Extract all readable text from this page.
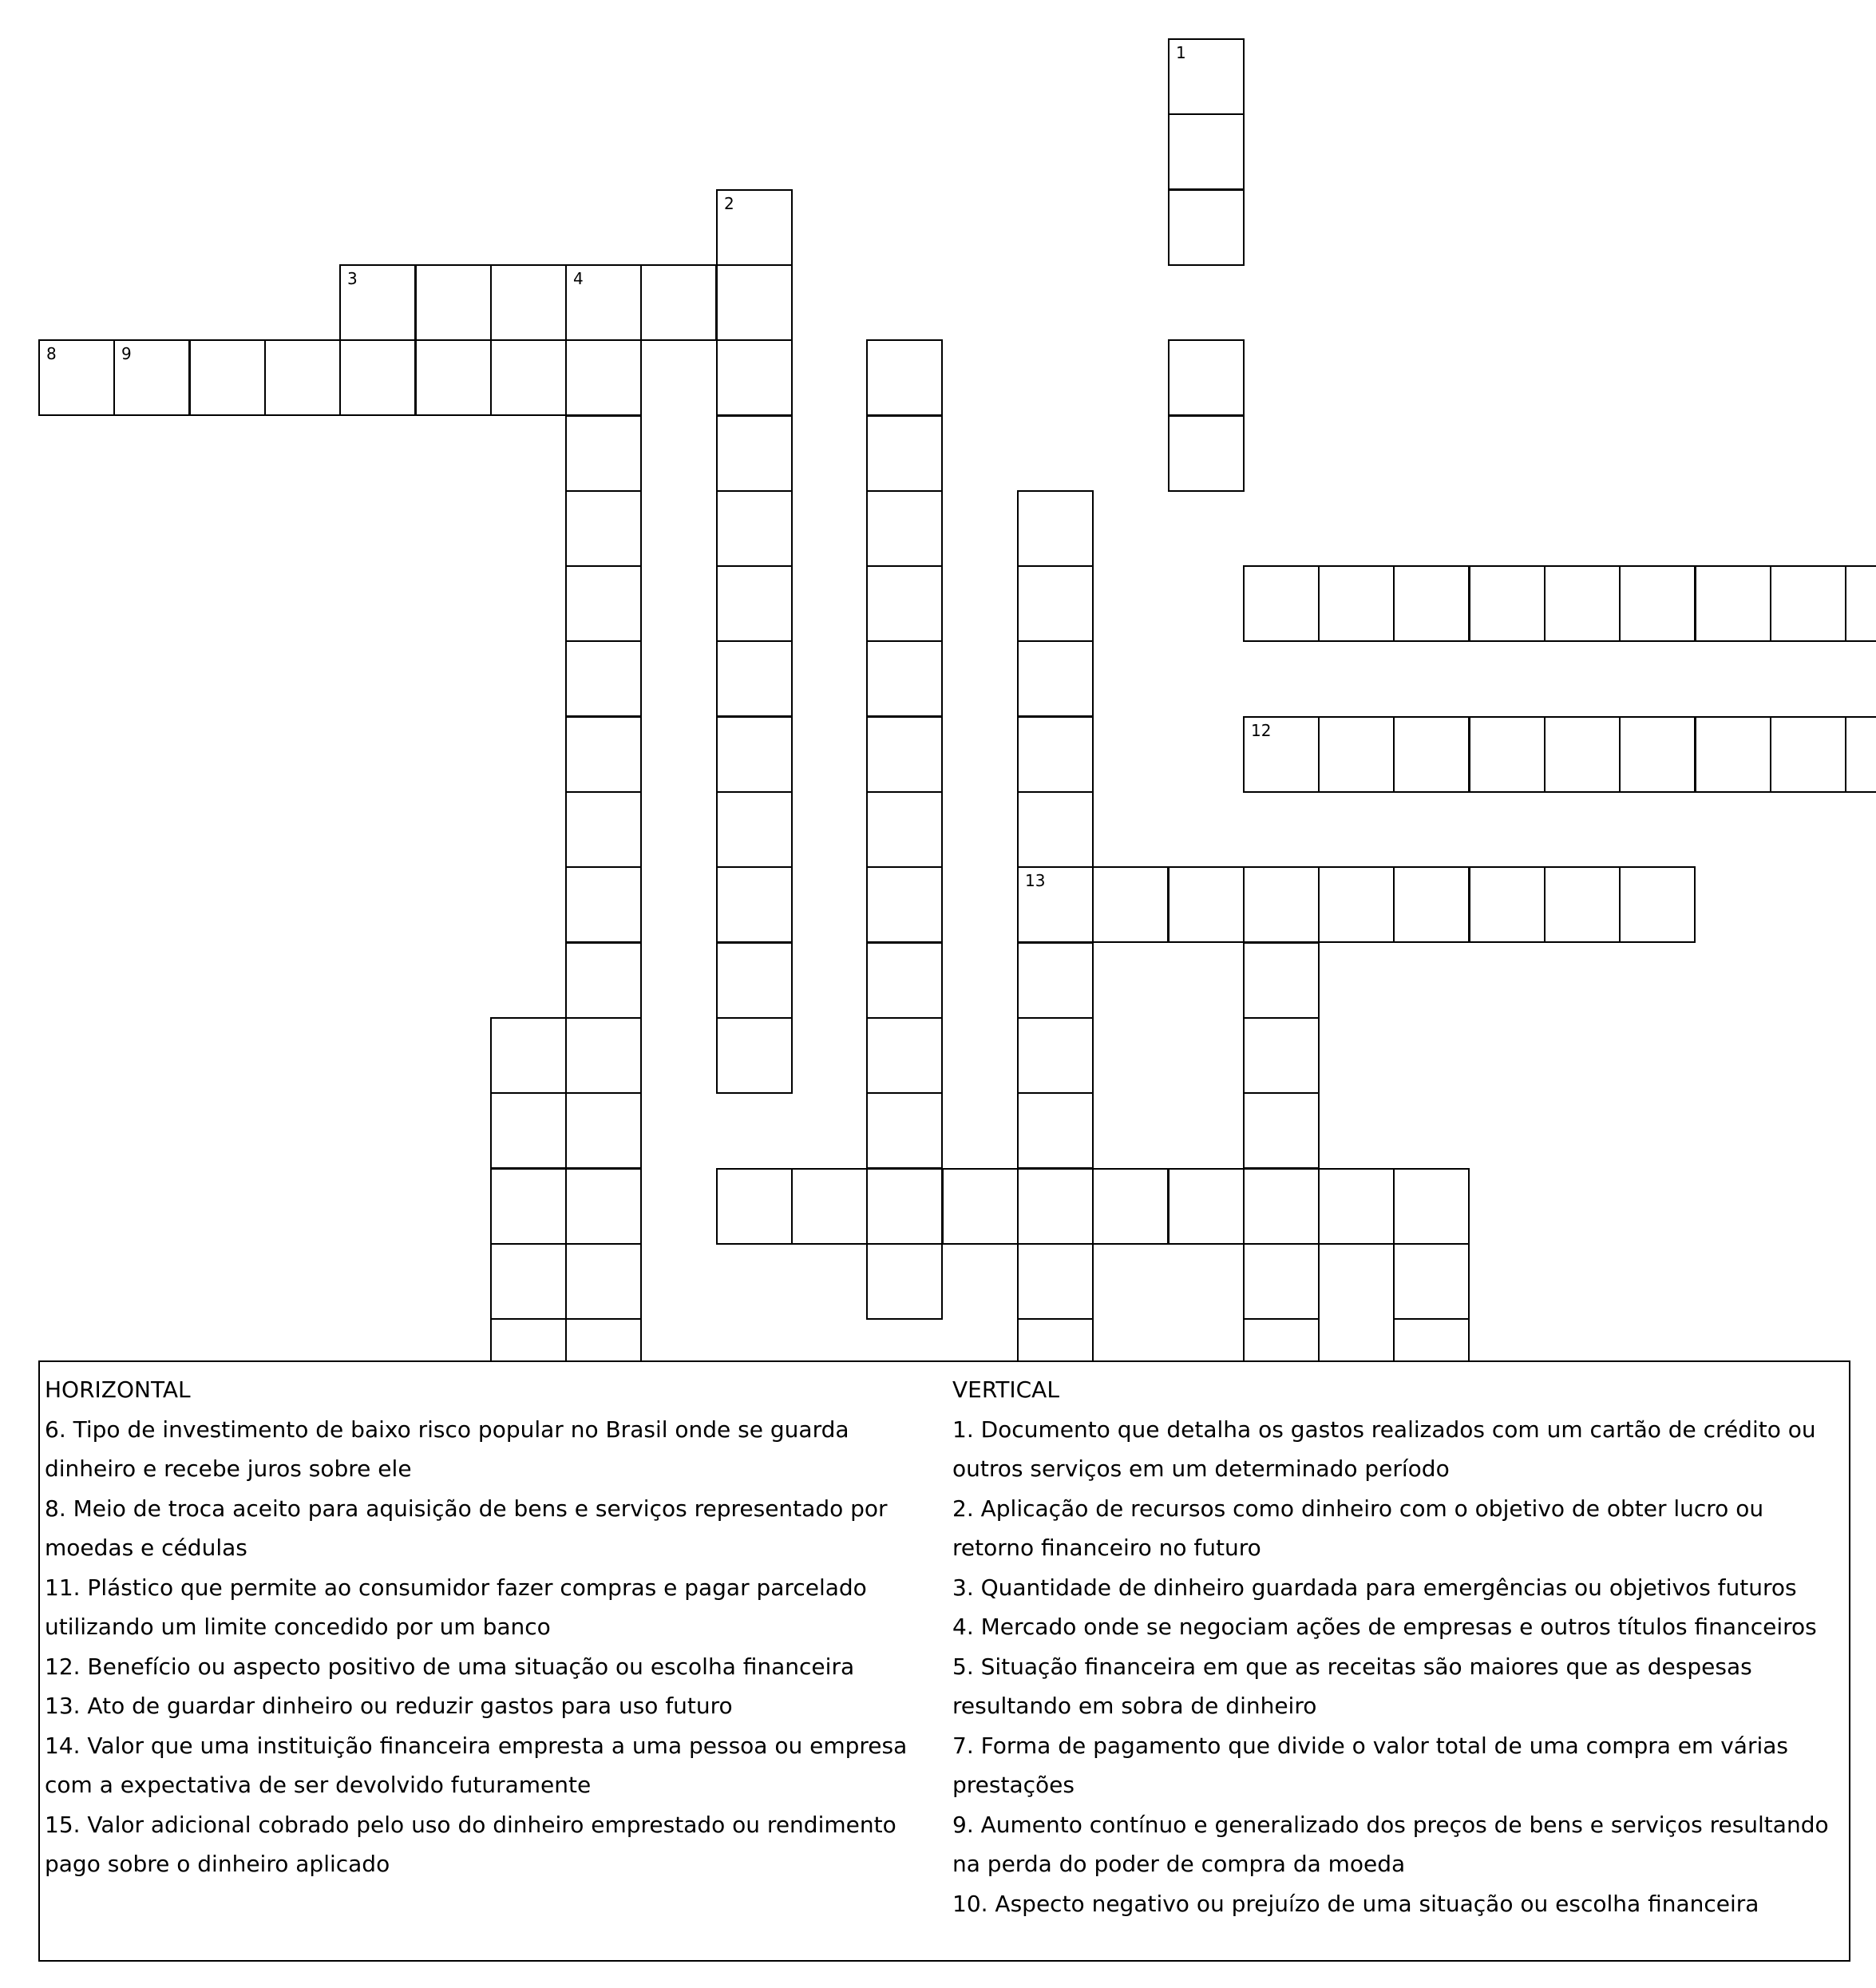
1
2
3	4
13
8	9
12
HORIZONTAL
6. Tipo de investimento de baixo risco popular no Brasil onde se guarda dinheiro e recebe juros sobre ele
8. Meio de troca aceito para aquisição de bens e serviços representado por moedas e cédulas
11. Plástico que permite ao consumidor fazer compras e pagar parcelado utilizando um limite concedido por um banco
12. Benefício ou aspecto positivo de uma situação ou escolha financeira
13. Ato de guardar dinheiro ou reduzir gastos para uso futuro
14. Valor que uma instituição financeira empresta a uma pessoa ou empresa com a expectativa de ser devolvido futuramente
15. Valor adicional cobrado pelo uso do dinheiro emprestado ou rendimento pago sobre o dinheiro aplicado
VERTICAL
1. Documento que detalha os gastos realizados com um cartão de crédito ou outros serviços em um determinado período
2. Aplicação de recursos como dinheiro com o objetivo de obter lucro ou retorno financeiro no futuro
3. Quantidade de dinheiro guardada para emergências ou objetivos futuros
4. Mercado onde se negociam ações de empresas e outros títulos financeiros
5. Situação financeira em que as receitas são maiores que as despesas resultando em sobra de dinheiro
7. Forma de pagamento que divide o valor total de uma compra em várias prestações
9. Aumento contínuo e generalizado dos preços de bens e serviços resultando na perda do poder de compra da moeda
10. Aspecto negativo ou prejuízo de uma situação ou escolha financeira
